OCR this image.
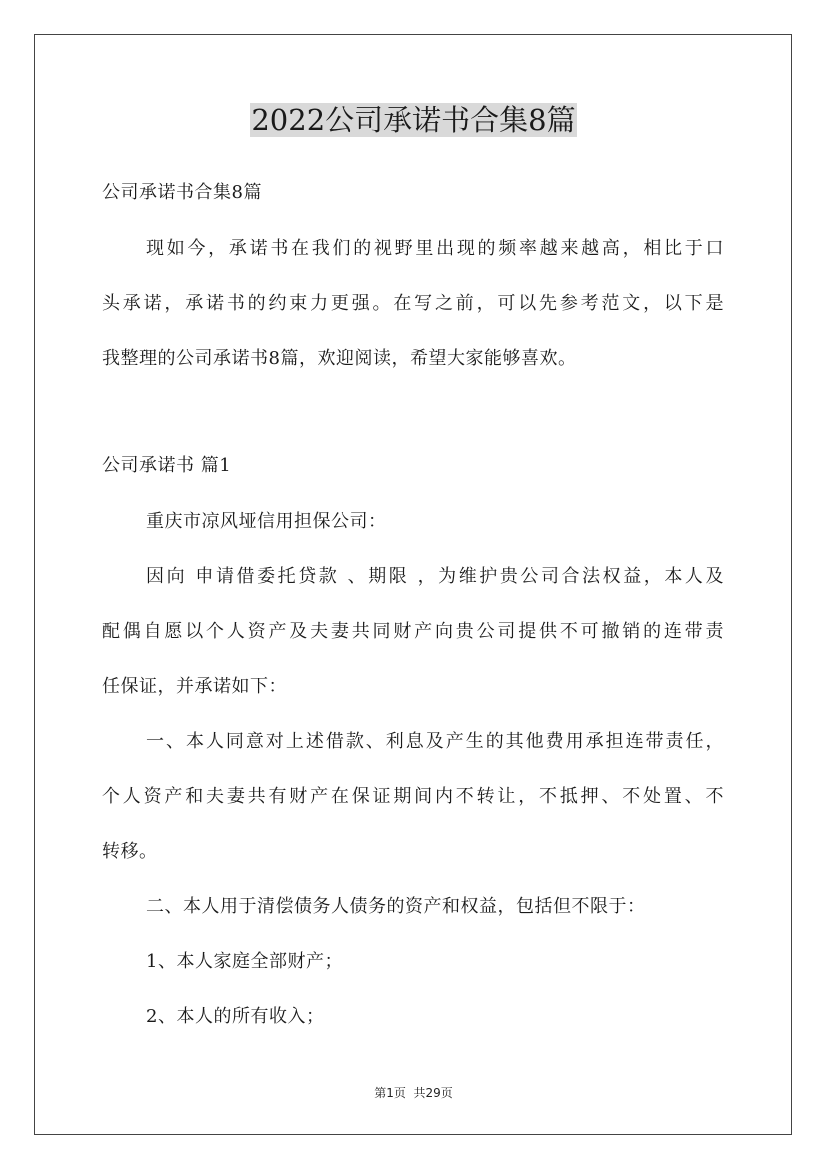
2022公司承诺书合集8篇
公司承诺书合集8篇
现如今，承诺书在我们的视野里出现的频率越来越高，相比于口
头承诺，承诺书的约束力更强。在写之前，可以先参考范文，以下是
我整理的公司承诺书8篇，欢迎阅读，希望大家能够喜欢。
公司承诺书 篇1
重庆市凉风垭信用担保公司：
因向 申请借委托贷款 、期限 ，为维护贵公司合法权益，本人及
配偶自愿以个人资产及夫妻共同财产向贵公司提供不可撤销的连带责
任保证，并承诺如下：
一、本人同意对上述借款、利息及产生的其他费用承担连带责任，
个人资产和夫妻共有财产在保证期间内不转让，不抵押、不处置、不
转移。
二、本人用于清偿债务人债务的资产和权益，包括但不限于：
1、本人家庭全部财产；
2、本人的所有收入；
第1页  共29页
